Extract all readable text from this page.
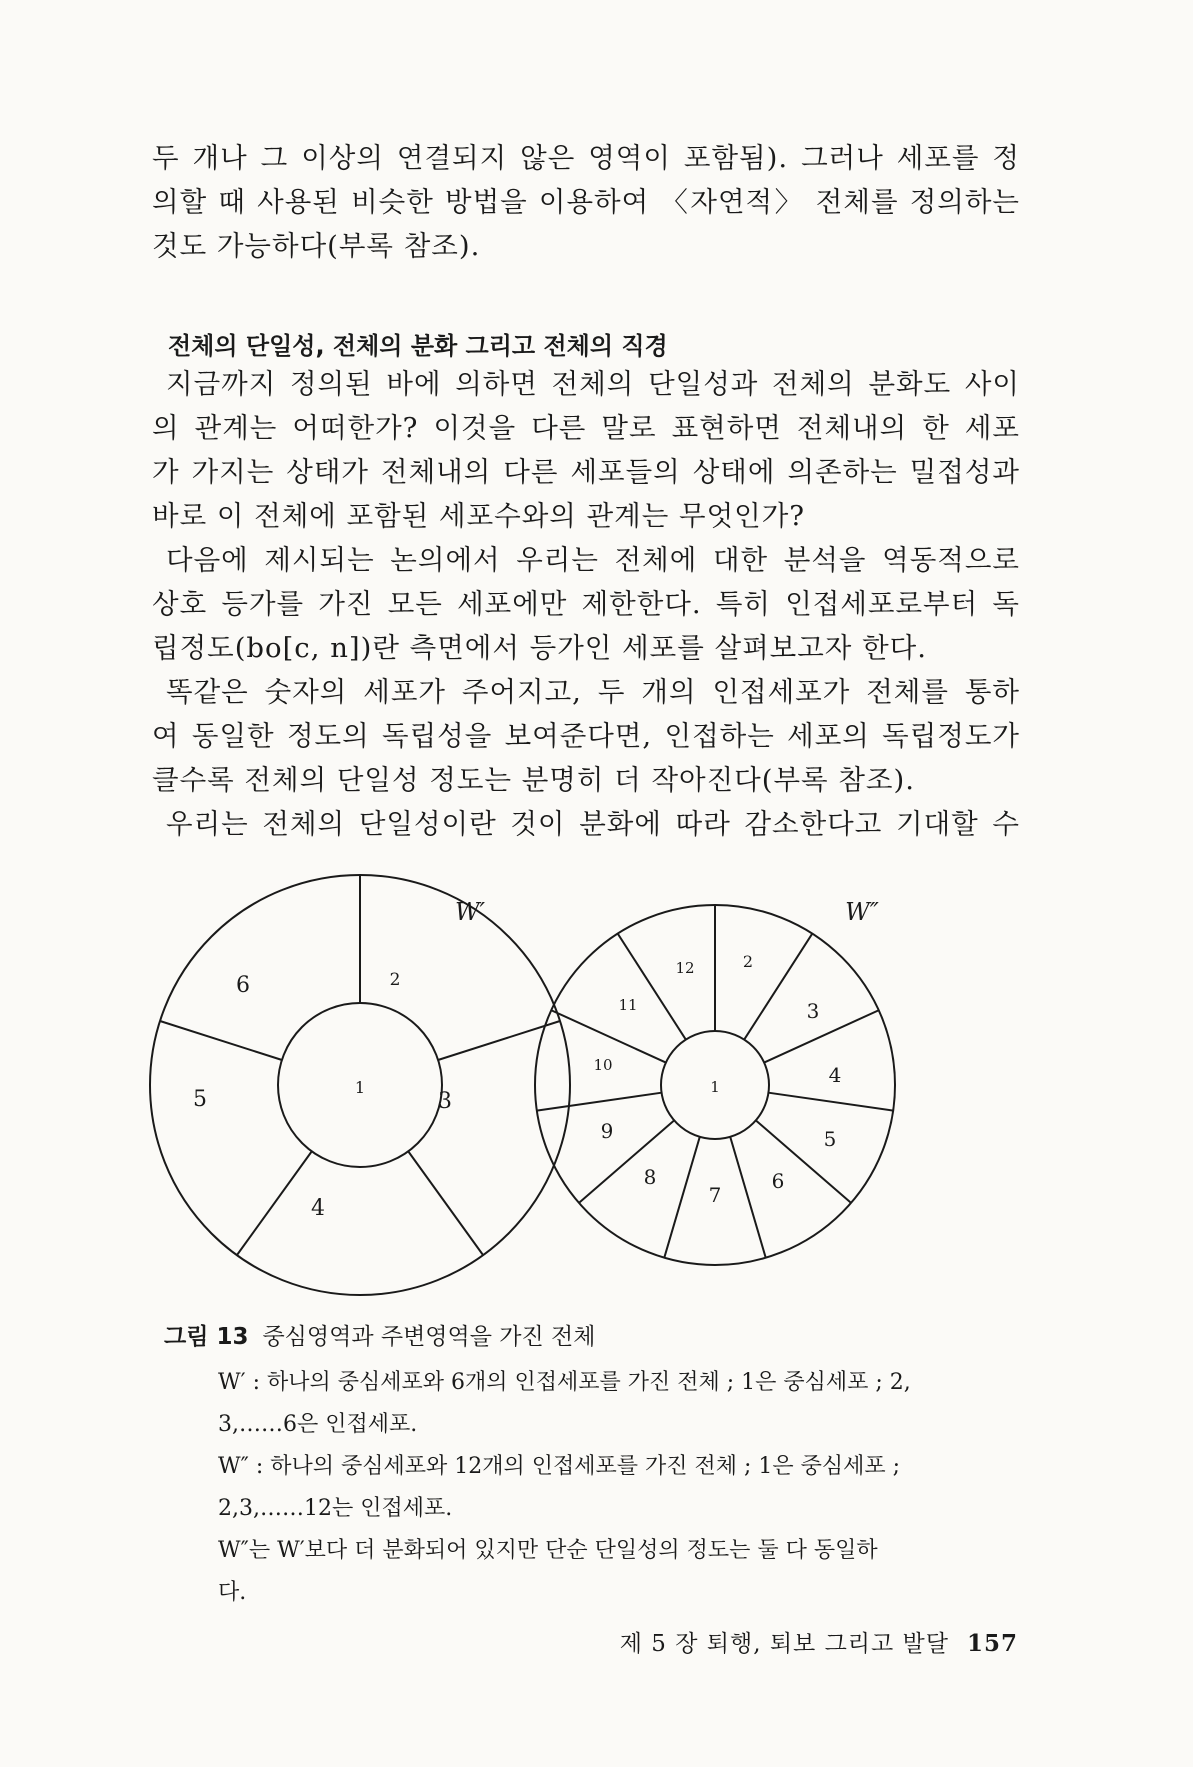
두 개나 그 이상의 연결되지 않은 영역이 포함됨). 그러나 세포를 정
의할 때 사용된 비슷한 방법을 이용하여 〈자연적〉 전체를 정의하는
것도 가능하다(부록 참조).
전체의 단일성, 전체의 분화 그리고 전체의 직경
지금까지 정의된 바에 의하면 전체의 단일성과 전체의 분화도 사이
의 관계는 어떠한가? 이것을 다른 말로 표현하면 전체내의 한 세포
가 가지는 상태가 전체내의 다른 세포들의 상태에 의존하는 밀접성과
바로 이 전체에 포함된 세포수와의 관계는 무엇인가?
다음에 제시되는 논의에서 우리는 전체에 대한 분석을 역동적으로
상호 등가를 가진 모든 세포에만 제한한다. 특히 인접세포로부터 독
립정도(bo[c, n])란 측면에서 등가인 세포를 살펴보고자 한다.
똑같은 숫자의 세포가 주어지고, 두 개의 인접세포가 전체를 통하
여 동일한 정도의 독립성을 보여준다면, 인접하는 세포의 독립정도가
클수록 전체의 단일성 정도는 분명히 더 작아진다(부록 참조).
우리는 전체의 단일성이란 것이 분화에 따라 감소한다고 기대할 수
1
2
3
4
5
6
W′
1
2
3
4
5
6
7
8
9
10
11
12
W″
그림 13 중심영역과 주변영역을 가진 전체
W′ : 하나의 중심세포와 6개의 인접세포를 가진 전체 ; 1은 중심세포 ; 2,
3,……6은 인접세포.
W″ : 하나의 중심세포와 12개의 인접세포를 가진 전체 ; 1은 중심세포 ;
2,3,……12는 인접세포.
W″는 W′보다 더 분화되어 있지만 단순 단일성의 정도는 둘 다 동일하
다.
제 5 장 퇴행, 퇴보 그리고 발달 157
